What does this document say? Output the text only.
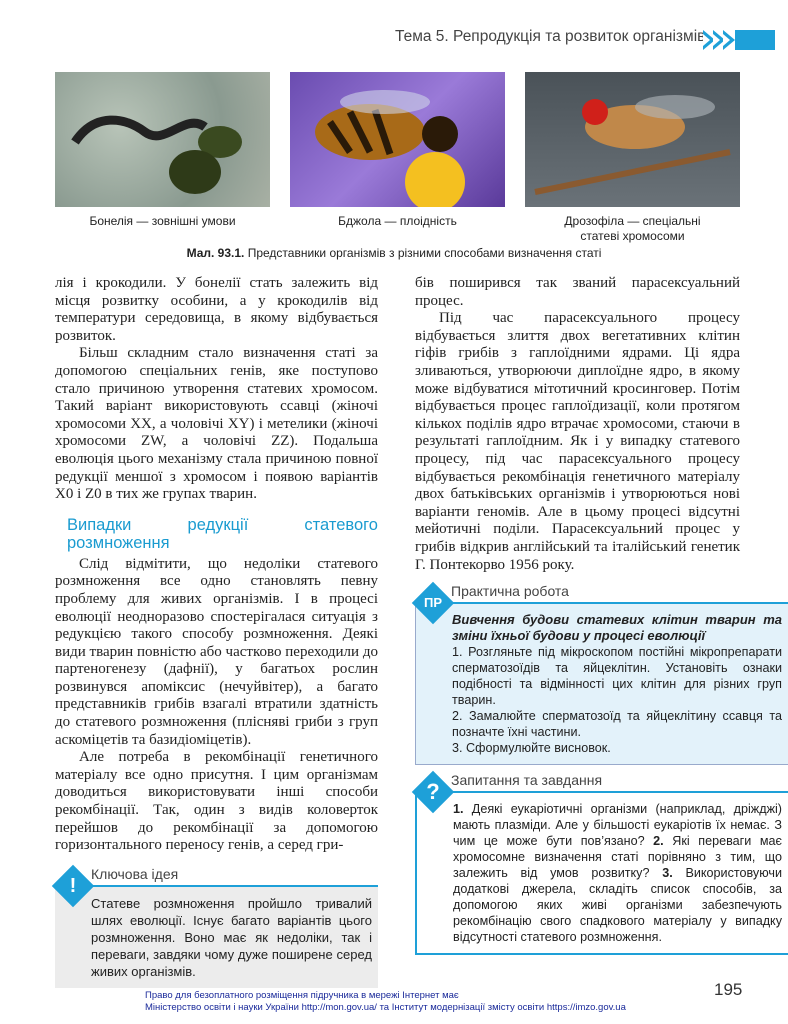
Тема 5. Репродукція та розвиток організмів
Бонелія — зовнішні умови	Бджола — плоідність	Дрозофіла — спеціальні
статеві хромосоми
Мал. 93.1. Представники організмів з різними способами визначення статі

лія і крокодили. У бонелії стать залежить від місця розвитку особини, а у крокодилів від температури середовища, в якому відбувається розвиток.

Більш складним стало визначення статі за допомогою спеціальних генів, яке поступово стало причиною утворення статевих хромосом. Такий варіант використовують ссавці (жіночі хромосоми XX, а чоловічі XY) і метелики (жіночі хромосоми ZW, а чоловічі ZZ). Подальша еволюція цього механізму стала причиною повної редукції меншої з хромосом і появою варіантів X0 і Z0 в тих же групах тварин.

Випадки редукції статевого розмноження

Слід відмітити, що недоліки статевого розмноження все одно становлять певну проблему для живих організмів. І в процесі еволюції неодноразово спостерігалася ситуація з редукцією такого способу розмноження. Деякі види тварин повністю або частково переходили до партеногенезу (дафнії), у багатьох рослин розвинувся апоміксис (нечуйвітер), а багато представників грибів взагалі втратили здатність до статевого розмноження (плісняві гриби з груп аскоміцетів та базидіоміцетів).

Але потреба в рекомбінації генетичного матеріалу все одно присутня. І цим організмам доводиться використовувати інші способи рекомбінації. Так, один з видів коловерток перейшов до рекомбінації за допомогою горизонтального переносу генів, а серед гри-

!
Ключова ідея
Статеве розмноження пройшло тривалий шлях еволюції. Існує багато варіантів цього розмноження. Воно має як недоліки, так і переваги, завдяки чому дуже поширене серед живих організмів.

бів поширився так званий парасексуальний процес.

Під час парасексуального процесу відбувається злиття двох вегетативних клітин гіфів грибів з гаплоїдними ядрами. Ці ядра зливаються, утворюючи диплоїдне ядро, в якому може відбуватися мітотичний кросинговер. Потім відбувається процес гаплоїдизації, коли протягом кількох поділів ядро втрачає хромосоми, стаючи в результаті гаплоїдним. Як і у випадку статевого процесу, під час парасексуального процесу відбувається рекомбінація генетичного матеріалу двох батьківських організмів і утворюються нові варіанти геномів. Але в цьому процесі відсутні мейотичні поділи. Парасексуальний процес у грибів відкрив англійський та італійський генетик Г. Понтекорво 1956 року.

ПР
Практична робота
Вивчення будови статевих клітин тварин та зміни їхньої будови у процесі еволюції
1. Розгляньте під мікроскопом постійні мікропрепарати сперматозоїдів та яйцеклітин. Установіть ознаки подібності та відмінності цих клітин для різних груп тварин.
2. Замалюйте сперматозоїд та яйцеклітину ссавця та позначте їхні частини.
3. Сформулюйте висновок.
? Запитання та завдання
1. Деякі еукаріотичні організми (наприклад, дріжджі) мають плазміди. Але у більшості еукаріотів їх немає. З чим це може бути пов’язано? 2. Які переваги має хромосомне визначення статі порівняно з тим, що залежить від умов розвитку? 3. Використовуючи додаткові джерела, складіть список способів, за допомогою яких живі організми забезпечують рекомбінацію свого спадкового матеріалу у випадку відсутності статевого розмноження.
Право для безоплатного розміщення підручника в мережі Інтернет має
Міністерство освіти і науки України http://mon.gov.ua/ та Інститут модернізації змісту освіти https://imzo.gov.ua
195
